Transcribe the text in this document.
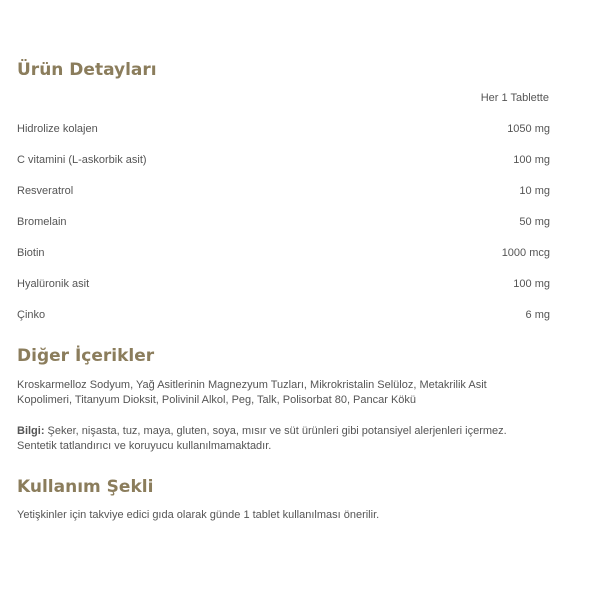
Ürün Detayları
Her 1 Tablette
Hidrolize kolajen	1050 mg
C vitamini (L-askorbik asit)	100 mg
Resveratrol	10 mg
Bromelain	50 mg
Biotin	1000 mcg
Hyalüronik asit	100 mg
Çinko	6 mg
Diğer İçerikler

Kroskarmelloz Sodyum, Yağ Asitlerinin Magnezyum Tuzları, Mikrokristalin Selüloz, Metakrilik Asit Kopolimeri, Titanyum Dioksit, Polivinil Alkol, Peg, Talk, Polisorbat 80, Pancar Kökü

Bilgi: Şeker, nişasta, tuz, maya, gluten, soya, mısır ve süt ürünleri gibi potansiyel alerjenleri içermez. Sentetik tatlandırıcı ve koruyucu kullanılmamaktadır.

Kullanım Şekli

Yetişkinler için takviye edici gıda olarak günde 1 tablet kullanılması önerilir.
